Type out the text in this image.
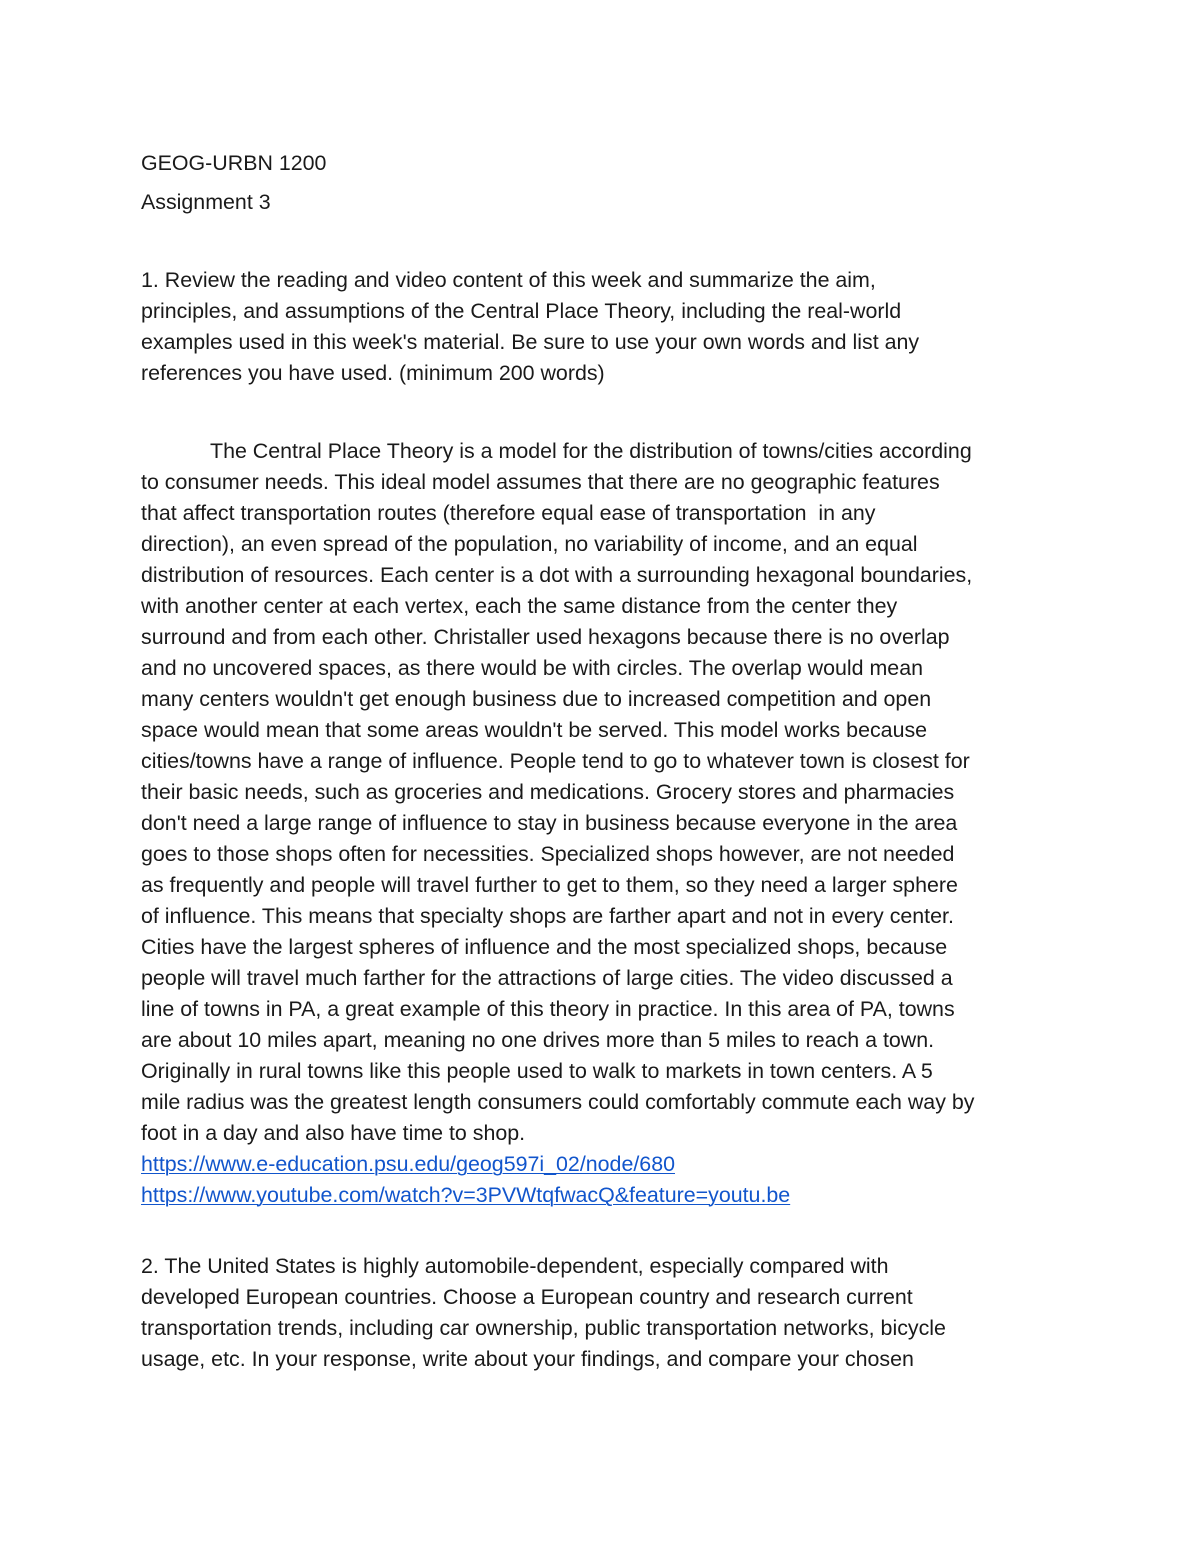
GEOG-URBN 1200

Assignment 3

1. Review the reading and video content of this week and summarize the aim,

principles, and assumptions of the Central Place Theory, including the real-world

examples used in this week's material. Be sure to use your own words and list any

references you have used. (minimum 200 words)

The Central Place Theory is a model for the distribution of towns/cities according

to consumer needs. This ideal model assumes that there are no geographic features

that affect transportation routes (therefore equal ease of transportation  in any

direction), an even spread of the population, no variability of income, and an equal

distribution of resources. Each center is a dot with a surrounding hexagonal boundaries,

with another center at each vertex, each the same distance from the center they

surround and from each other. Christaller used hexagons because there is no overlap

and no uncovered spaces, as there would be with circles. The overlap would mean

many centers wouldn't get enough business due to increased competition and open

space would mean that some areas wouldn't be served. This model works because

cities/towns have a range of influence. People tend to go to whatever town is closest for

their basic needs, such as groceries and medications. Grocery stores and pharmacies

don't need a large range of influence to stay in business because everyone in the area

goes to those shops often for necessities. Specialized shops however, are not needed

as frequently and people will travel further to get to them, so they need a larger sphere

of influence. This means that specialty shops are farther apart and not in every center.

Cities have the largest spheres of influence and the most specialized shops, because

people will travel much farther for the attractions of large cities. The video discussed a

line of towns in PA, a great example of this theory in practice. In this area of PA, towns

are about 10 miles apart, meaning no one drives more than 5 miles to reach a town.

Originally in rural towns like this people used to walk to markets in town centers. A 5

mile radius was the greatest length consumers could comfortably commute each way by

foot in a day and also have time to shop.

https://www.e-education.psu.edu/geog597i_02/node/680
https://www.youtube.com/watch?v=3PVWtqfwacQ&feature=youtu.be

2. The United States is highly automobile-dependent, especially compared with

developed European countries. Choose a European country and research current

transportation trends, including car ownership, public transportation networks, bicycle

usage, etc. In your response, write about your findings, and compare your chosen
